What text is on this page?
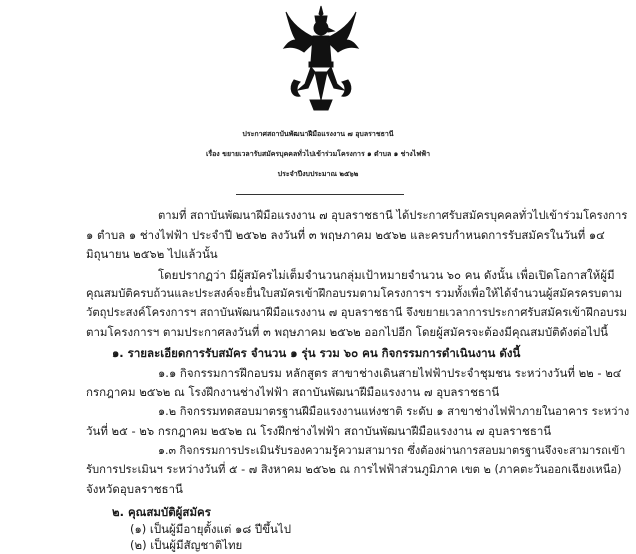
ประกาศสถาบันพัฒนาฝีมือแรงงาน ๗ อุบลราชธานี
เรื่อง ขยายเวลารับสมัครบุคคลทั่วไปเข้าร่วมโครงการ ๑ ตำบล ๑ ช่างไฟฟ้า
ประจำปีงบประมาณ ๒๕๖๒
ตามที่ สถาบันพัฒนาฝีมือแรงงาน ๗ อุบลราชธานี ได้ประกาศรับสมัครบุคคลทั่วไปเข้าร่วมโครงการ
๑ ตำบล ๑ ช่างไฟฟ้า ประจำปี ๒๕๖๒ ลงวันที่ ๓ พฤษภาคม ๒๕๖๒ และครบกำหนดการรับสมัครในวันที่ ๑๔
มิถุนายน ๒๕๖๒ ไปแล้วนั้น
โดยปรากฏว่า มีผู้สมัครไม่เต็มจำนวนกลุ่มเป้าหมายจำนวน ๖๐ คน ดังนั้น เพื่อเปิดโอกาสให้ผู้มี
คุณสมบัติครบถ้วนและประสงค์จะยื่นใบสมัครเข้าฝึกอบรมตามโครงการฯ รวมทั้งเพื่อให้ได้จำนวนผู้สมัครครบตาม
วัตถุประสงค์โครงการฯ สถาบันพัฒนาฝีมือแรงงาน ๗ อุบลราชธานี จึงขยายเวลาการประกาศรับสมัครเข้าฝึกอบรม
ตามโครงการฯ ตามประกาศลงวันที่ ๓ พฤษภาคม ๒๕๖๒ ออกไปอีก โดยผู้สมัครจะต้องมีคุณสมบัติดังต่อไปนี้
๑. รายละเอียดการรับสมัคร จำนวน ๑ รุ่น รวม ๖๐ คน กิจกรรมการดำเนินงาน ดังนี้
๑.๑ กิจกรรมการฝึกอบรม หลักสูตร สาขาช่างเดินสายไฟฟ้าประจำชุมชน ระหว่างวันที่ ๒๒ - ๒๔
กรกฎาคม ๒๕๖๒ ณ โรงฝึกงานช่างไฟฟ้า สถาบันพัฒนาฝีมือแรงงาน ๗ อุบลราชธานี
๑.๒ กิจกรรมทดสอบมาตรฐานฝีมือแรงงานแห่งชาติ ระดับ ๑ สาขาช่างไฟฟ้าภายในอาคาร ระหว่าง
วันที่ ๒๕ - ๒๖ กรกฎาคม ๒๕๖๒ ณ โรงฝึกช่างไฟฟ้า สถาบันพัฒนาฝีมือแรงงาน ๗ อุบลราชธานี
๑.๓ กิจกรรมการประเมินรับรองความรู้ความสามารถ ซึ่งต้องผ่านการสอบมาตรฐานจึงจะสามารถเข้า
รับการประเมินฯ ระหว่างวันที่ ๕ - ๗ สิงหาคม ๒๕๖๒ ณ การไฟฟ้าส่วนภูมิภาค เขต ๒ (ภาคตะวันออกเฉียงเหนือ)
จังหวัดอุบลราชธานี
๒. คุณสมบัติผู้สมัคร
(๑) เป็นผู้มีอายุตั้งแต่ ๑๘ ปีขึ้นไป
(๒) เป็นผู้มีสัญชาติไทย
